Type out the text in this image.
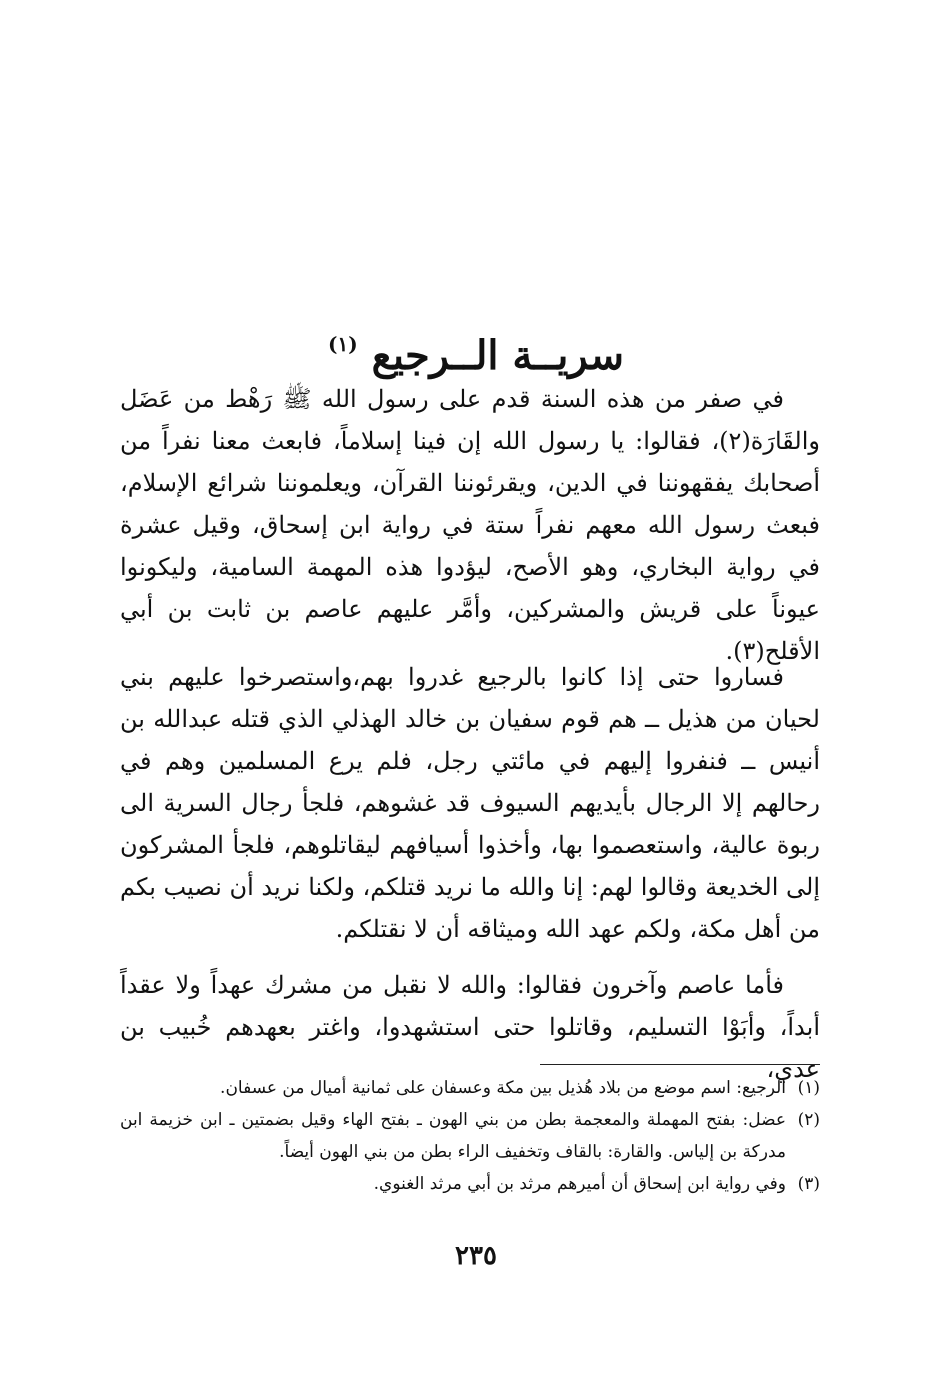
سريــة الــرجيع $^{(١)}$

في صفر من هذه السنة قدم على رسول الله ﷺ رَهْط من عَضَل والقَارَة(٢)، فقالوا: يا رسول الله إن فينا إسلاماً، فابعث معنا نفراً من أصحابك يفقهوننا في الدين، ويقرئوننا القرآن، ويعلموننا شرائع الإسلام، فبعث رسول الله معهم نفراً ستة في رواية ابن إسحاق، وقيل عشرة في رواية البخاري، وهو الأصح، ليؤدوا هذه المهمة السامية، وليكونوا عيوناً على قريش والمشركين، وأمَّر عليهم عاصم بن ثابت بن أبي الأقلح(٣).

فساروا حتى إذا كانوا بالرجيع غدروا بهم،واستصرخوا عليهم بني لحيان من هذيل ــ هم قوم سفيان بن خالد الهذلي الذي قتله عبدالله بن أنيس ــ فنفروا إليهم في مائتي رجل، فلم يرع المسلمين وهم في رحالهم إلا الرجال بأيديهم السيوف قد غشوهم، فلجأ رجال السرية الى ربوة عالية، واستعصموا بها، وأخذوا أسيافهم ليقاتلوهم، فلجأ المشركون إلى الخديعة وقالوا لهم: إنا والله ما نريد قتلكم، ولكنا نريد أن نصيب بكم من أهل مكة، ولكم عهد الله وميثاقه أن لا نقتلكم.

فأما عاصم وآخرون فقالوا: والله لا نقبل من مشرك عهداً ولا عقداً أبداً، وأبَوْا التسليم، وقاتلوا حتى استشهدوا، واغتر بعهدهم خُبيب بن عدي،

(١)
الرجيع: اسم موضع من بلاد هُذيل بين مكة وعسفان على ثمانية أميال من عسفان.
(٢)
عضل: بفتح المهملة والمعجمة بطن من بني الهون ـ بفتح الهاء وقيل بضمتين ـ ابن خزيمة ابن مدركة بن إلياس. والقارة: بالقاف وتخفيف الراء بطن من بني الهون أيضاً.
(٣)
وفي رواية ابن إسحاق أن أميرهم مرثد بن أبي مرثد الغنوي.
٢٣٥
